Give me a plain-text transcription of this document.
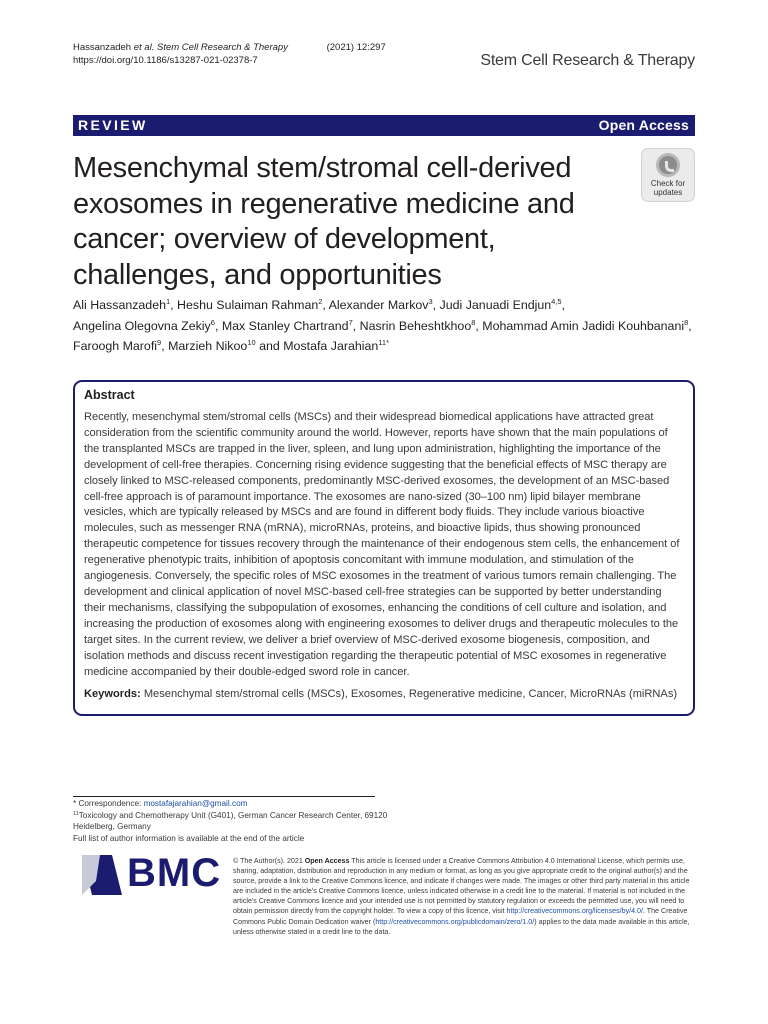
Hassanzadeh et al. Stem Cell Research & Therapy	(2021) 12:297
https://doi.org/10.1186/s13287-021-02378-7	Stem Cell Research & Therapy
REVIEW	Open Access
Mesenchymal stem/stromal cell-derived exosomes in regenerative medicine and cancer; overview of development, challenges, and opportunities
Check for
updates
Ali Hassanzadeh$^1$, Heshu Sulaiman Rahman$^2$, Alexander Markov$^3$, Judi Januadi Endjun$^{4,5}$,
Angelina Olegovna Zekiy$^6$, Max Stanley Chartrand$^7$, Nasrin Beheshtkhoo$^8$, Mohammad Amin Jadidi Kouhbanani$^8$,
Faroogh Marofi$^9$, Marzieh Nikoo$^{10}$ and Mostafa Jarahian$^{11*}$
Abstract
Recently, mesenchymal stem/stromal cells (MSCs) and their widespread biomedical applications have attracted great consideration from the scientific community around the world. However, reports have shown that the main populations of the transplanted MSCs are trapped in the liver, spleen, and lung upon administration, highlighting the importance of the development of cell-free therapies. Concerning rising evidence suggesting that the beneficial effects of MSC therapy are closely linked to MSC-released components, predominantly MSC-derived exosomes, the development of an MSC-based cell-free approach is of paramount importance. The exosomes are nano-sized (30–100 nm) lipid bilayer membrane vesicles, which are typically released by MSCs and are found in different body fluids. They include various bioactive molecules, such as messenger RNA (mRNA), microRNAs, proteins, and bioactive lipids, thus showing pronounced therapeutic competence for tissues recovery through the maintenance of their endogenous stem cells, the enhancement of regenerative phenotypic traits, inhibition of apoptosis concomitant with immune modulation, and stimulation of the angiogenesis. Conversely, the specific roles of MSC exosomes in the treatment of various tumors remain challenging. The development and clinical application of novel MSC-based cell-free strategies can be supported by better understanding their mechanisms, classifying the subpopulation of exosomes, enhancing the conditions of cell culture and isolation, and increasing the production of exosomes along with engineering exosomes to deliver drugs and therapeutic molecules to the target sites. In the current review, we deliver a brief overview of MSC-derived exosome biogenesis, composition, and isolation methods and discuss recent investigation regarding the therapeutic potential of MSC exosomes in regenerative medicine accompanied by their double-edged sword role in cancer.
Keywords: Mesenchymal stem/stromal cells (MSCs), Exosomes, Regenerative medicine, Cancer, MicroRNAs (miRNAs)
* Correspondence: mostafajarahian@gmail.com
$^{11}$Toxicology and Chemotherapy Unit (G401), German Cancer Research Center, 69120 Heidelberg, Germany
Full list of author information is available at the end of the article
BMC © The Author(s). 2021 Open Access This article is licensed under a Creative Commons Attribution 4.0 International License, which permits use, sharing, adaptation, distribution and reproduction in any medium or format, as long as you give appropriate credit to the original author(s) and the source, provide a link to the Creative Commons licence, and indicate if changes were made. The images or other third party material in this article are included in the article's Creative Commons licence, unless indicated otherwise in a credit line to the material. If material is not included in the article's Creative Commons licence and your intended use is not permitted by statutory regulation or exceeds the permitted use, you will need to obtain permission directly from the copyright holder. To view a copy of this licence, visit http://creativecommons.org/licenses/by/4.0/. The Creative Commons Public Domain Dedication waiver (http://creativecommons.org/publicdomain/zero/1.0/) applies to the data made available in this article, unless otherwise stated in a credit line to the data.
